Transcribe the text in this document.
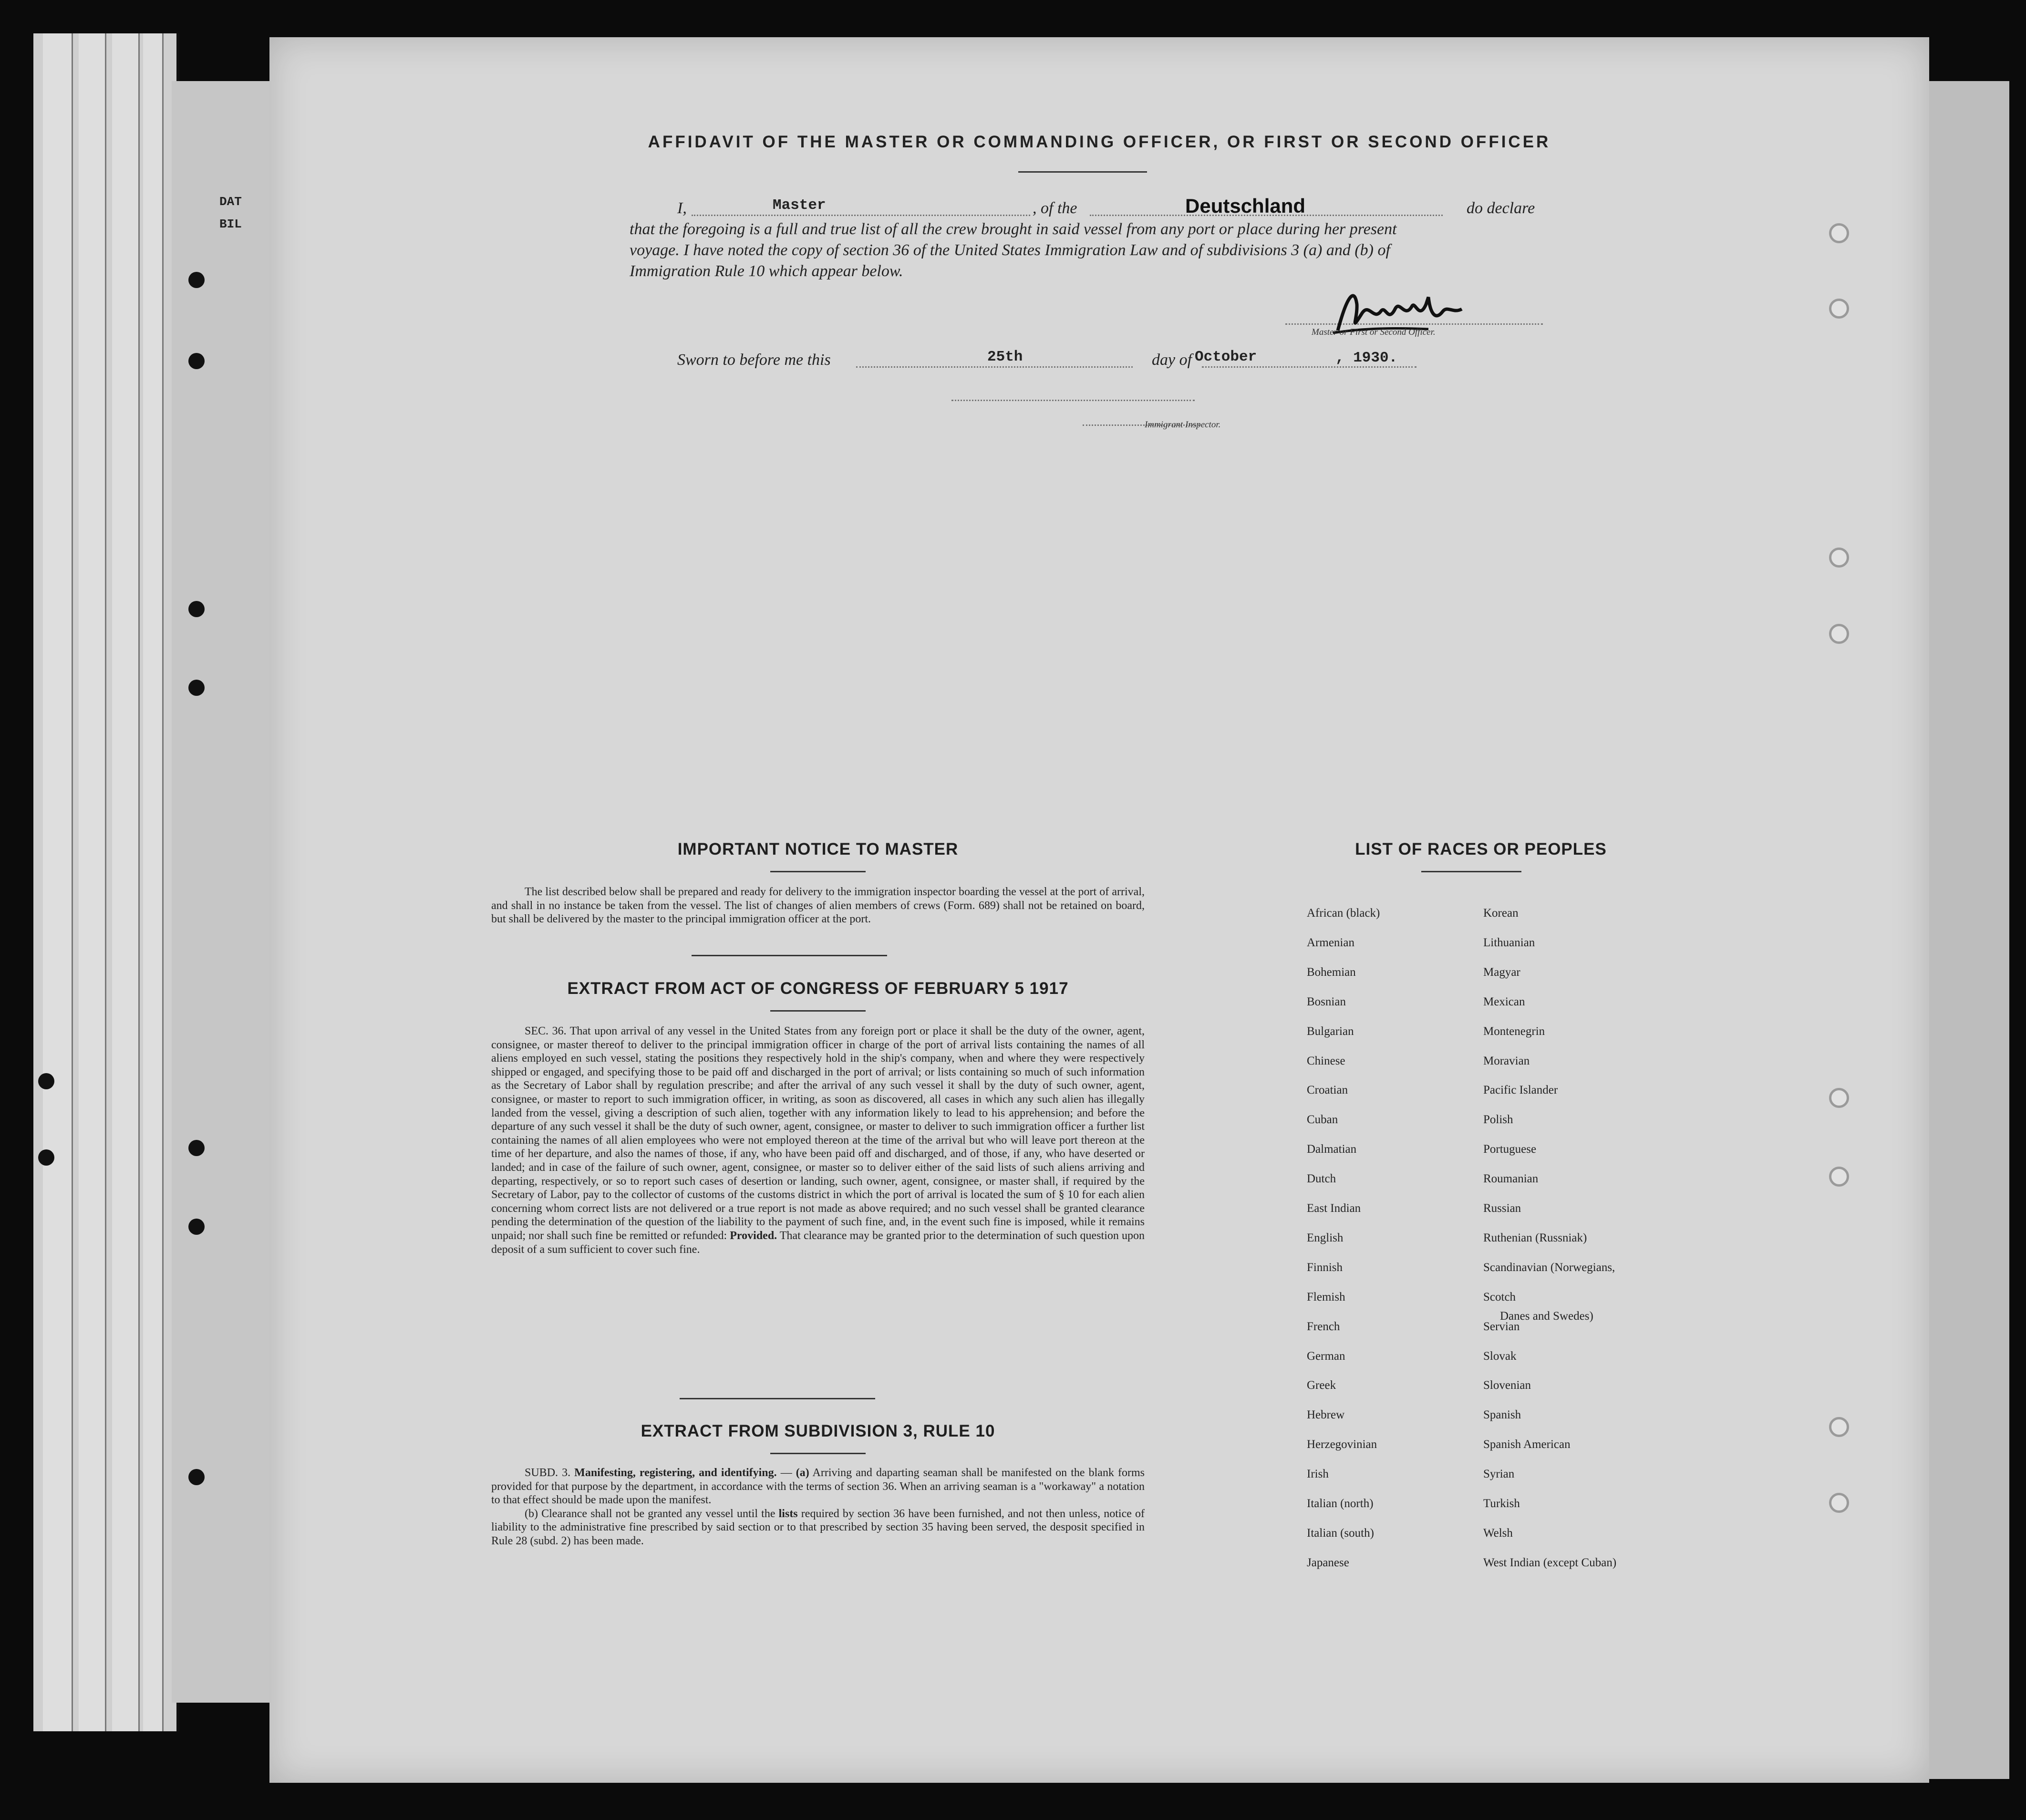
DAT
BIL
AFFIDAVIT OF THE MASTER OR COMMANDING OFFICER, OR FIRST OR SECOND OFFICER
I,	Master	, of the	Deutschland	do declare
that the foregoing is a full and true list of all the crew brought in said vessel from any port or place during her present
voyage. I have noted the copy of section 36 of the United States Immigration Law and of subdivisions 3 (a) and (b) of
Immigration Rule 10 which appear below.
Master or First or Second Officer.
Sworn to before me this	25th	day of October	, 1930.
Immigrant Inspector.
IMPORTANT NOTICE TO MASTER

The list described below shall be prepared and ready for delivery to the immigration inspector boarding the vessel at the port of arrival, and shall in no instance be taken from the vessel. The list of changes of alien members of crews (Form. 689) shall not be retained on board, but shall be delivered by the master to the principal immigration officer at the port.

EXTRACT FROM ACT OF CONGRESS OF FEBRUARY 5 1917

SEC. 36. That upon arrival of any vessel in the United States from any foreign port or place it shall be the duty of the owner, agent, consignee, or master thereof to deliver to the principal immigration officer in charge of the port of arrival lists containing the names of all aliens employed en such vessel, stating the positions they respectively hold in the ship's company, when and where they were respectively shipped or engaged, and specifying those to be paid off and discharged in the port of arrival; or lists containing so much of such information as the Secretary of Labor shall by regulation prescribe; and after the arrival of any such vessel it shall by the duty of such owner, agent, consignee, or master to report to such immigration officer, in writing, as soon as discovered, all cases in which any such alien has illegally landed from the vessel, giving a description of such alien, together with any information likely to lead to his apprehension; and before the departure of any such vessel it shall be the duty of such owner, agent, consignee, or master to deliver to such immigration officer a further list containing the names of all alien employees who were not employed thereon at the time of the arrival but who will leave port thereon at the time of her departure, and also the names of those, if any, who have been paid off and discharged, and of those, if any, who have deserted or landed; and in case of the failure of such owner, agent, consignee, or master so to deliver either of the said lists of such aliens arriving and departing, respectively, or so to report such cases of desertion or landing, such owner, agent, consignee, or master shall, if required by the Secretary of Labor, pay to the collector of customs of the customs district in which the port of arrival is located the sum of § 10 for each alien concerning whom correct lists are not delivered or a true report is not made as above required; and no such vessel shall be granted clearance pending the determination of the question of the liability to the payment of such fine, and, in the event such fine is imposed, while it remains unpaid; nor shall such fine be remitted or refunded: Provided. That clearance may be granted prior to the determination of such question upon deposit of a sum sufficient to cover such fine.

EXTRACT FROM SUBDIVISION 3, RULE 10

SUBD. 3. Manifesting, registering, and identifying. — (a) Arriving and daparting seaman shall be manifested on the blank forms provided for that purpose by the department, in accordance with the terms of section 36. When an arriving seaman is a "workaway" a notation to that effect should be made upon the manifest.

(b) Clearance shall not be granted any vessel until the lists required by section 36 have been furnished, and not then unless, notice of liability to the administrative fine prescribed by said section or to that prescribed by section 35 having been served, the desposit specified in Rule 28 (subd. 2) has been made.

LIST OF RACES OR PEOPLES
Danes and Swedes)
African (black)
Armenian
Bohemian
Bosnian
Bulgarian
Chinese
Croatian
Cuban
Dalmatian
Dutch
East Indian
English
Finnish
Flemish
French
German
Greek
Hebrew
Herzegovinian
Irish
Italian (north)
Italian (south)
Japanese
Korean
Lithuanian
Magyar
Mexican
Montenegrin
Moravian
Pacific Islander
Polish
Portuguese
Roumanian
Russian
Ruthenian (Russniak)
Scandinavian (Norwegians,
Scotch
Servian
Slovak
Slovenian
Spanish
Spanish American
Syrian
Turkish
Welsh
West Indian (except Cuban)
